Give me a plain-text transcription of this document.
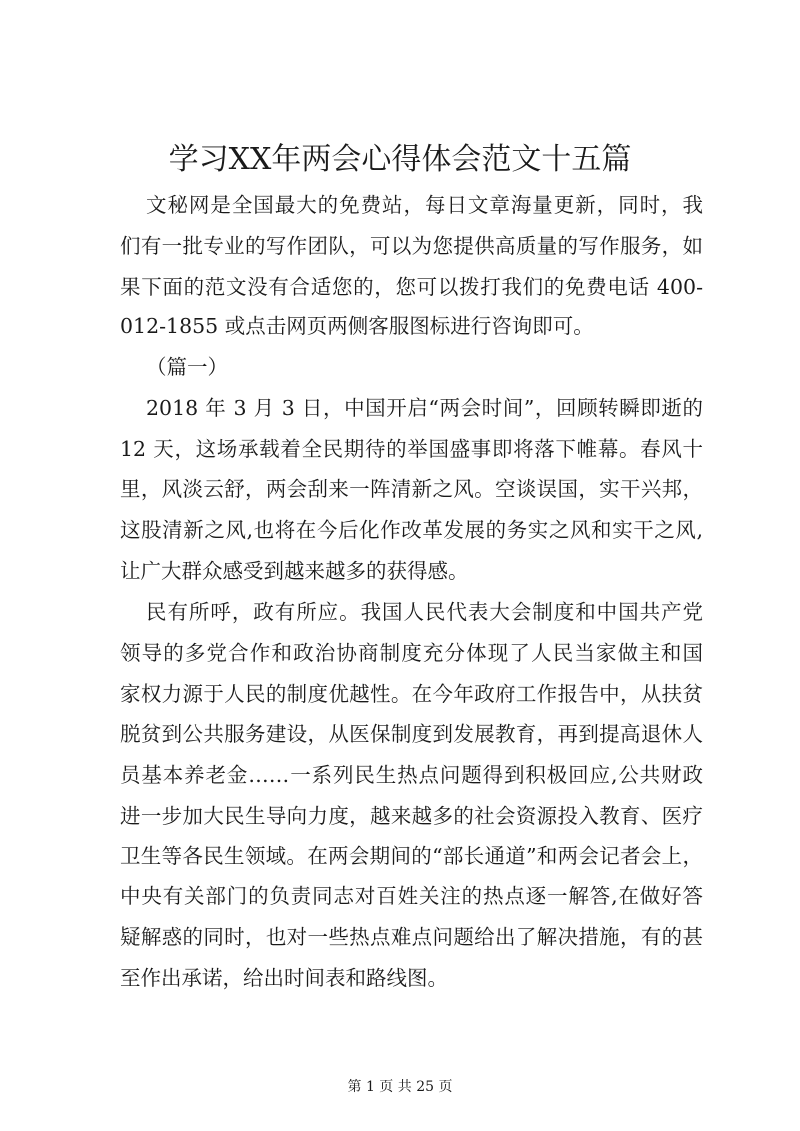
学习XX年两会心得体会范文十五篇
文秘网是全国最大的免费站，每日文章海量更新，同时，我
们有一批专业的写作团队，可以为您提供高质量的写作服务，如
果下面的范文没有合适您的，您可以拨打我们的免费电话 400-
012-1855 或点击网页两侧客服图标进行咨询即可。
（篇一）
2018 年 3 月 3 日，中国开启“两会时间”，回顾转瞬即逝的
12 天，这场承载着全民期待的举国盛事即将落下帷幕。春风十
里，风淡云舒，两会刮来一阵清新之风。空谈误国，实干兴邦，
这股清新之风,也将在今后化作改革发展的务实之风和实干之风,
让广大群众感受到越来越多的获得感。
民有所呼，政有所应。我国人民代表大会制度和中国共产党
领导的多党合作和政治协商制度充分体现了人民当家做主和国
家权力源于人民的制度优越性。在今年政府工作报告中，从扶贫
脱贫到公共服务建设，从医保制度到发展教育，再到提高退休人
员基本养老金……一系列民生热点问题得到积极回应,公共财政
进一步加大民生导向力度，越来越多的社会资源投入教育、医疗
卫生等各民生领域。在两会期间的“部长通道”和两会记者会上，
中央有关部门的负责同志对百姓关注的热点逐一解答,在做好答
疑解惑的同时，也对一些热点难点问题给出了解决措施，有的甚
至作出承诺，给出时间表和路线图。
第 1 页 共 25 页
